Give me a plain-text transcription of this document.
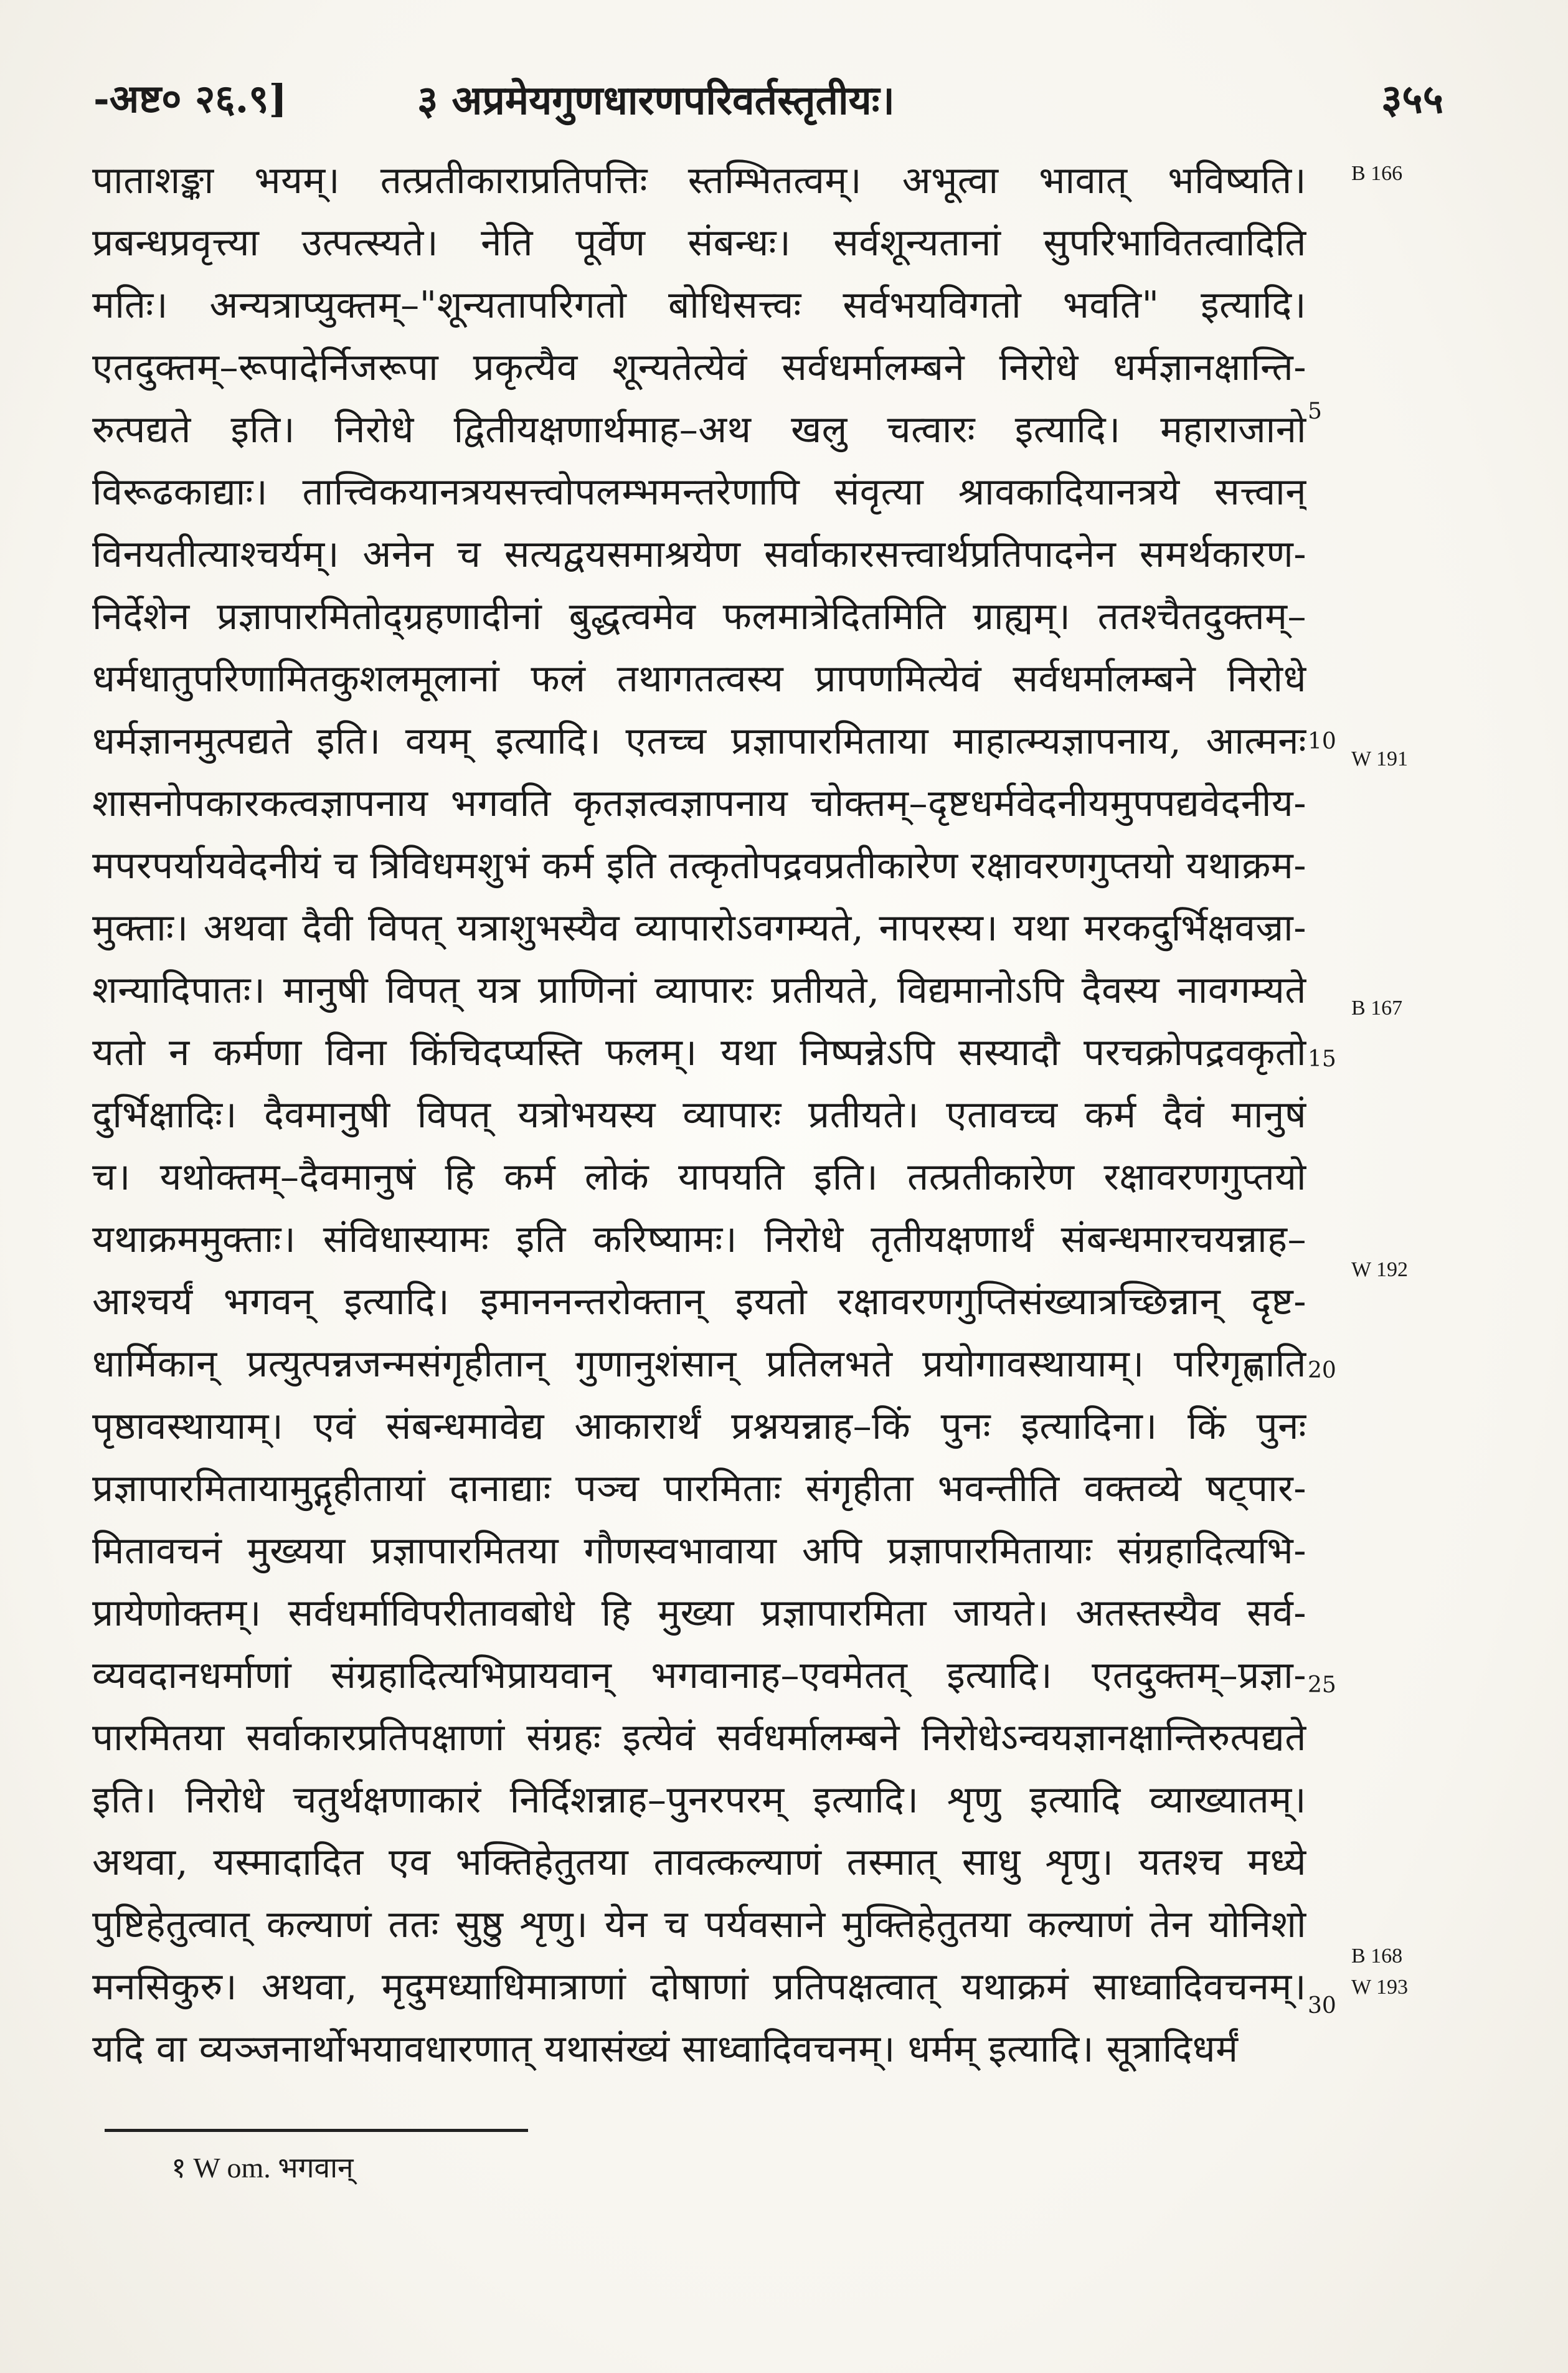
-अष्ट० २६.९]	३ अप्रमेयगुणधारणपरिवर्तस्तृतीयः।	३५५
पाताशङ्का भयम्। तत्प्रतीकाराप्रतिपत्तिः स्तम्भितत्वम्। अभूत्वा भावात् भविष्यति।
प्रबन्धप्रवृत्त्या उत्पत्स्यते। नेति पूर्वेण संबन्धः। सर्वशून्यतानां सुपरिभावितत्वादिति
मतिः। अन्यत्राप्युक्तम्–"शून्यतापरिगतो बोधिसत्त्वः सर्वभयविगतो भवति" इत्यादि।
एतदुक्तम्–रूपादेर्निजरूपा प्रकृत्यैव शून्यतेत्येवं सर्वधर्मालम्बने निरोधे धर्मज्ञानक्षान्ति-
रुत्पद्यते इति। निरोधे द्वितीयक्षणार्थमाह–अथ खलु चत्वारः इत्यादि। महाराजानो
विरूढकाद्याः। तात्त्विकयानत्रयसत्त्वोपलम्भमन्तरेणापि संवृत्या श्रावकादियानत्रये सत्त्वान्
विनयतीत्याश्चर्यम्। अनेन च सत्यद्वयसमाश्रयेण सर्वाकारसत्त्वार्थप्रतिपादनेन समर्थकारण-
निर्देशेन प्रज्ञापारमितोद्ग्रहणादीनां बुद्धत्वमेव फलमात्रेदितमिति ग्राह्यम्। ततश्चैतदुक्तम्–
धर्मधातुपरिणामितकुशलमूलानां फलं तथागतत्वस्य प्रापणमित्येवं सर्वधर्मालम्बने निरोधे
धर्मज्ञानमुत्पद्यते इति। वयम् इत्यादि। एतच्च प्रज्ञापारमिताया माहात्म्यज्ञापनाय, आत्मनः
शासनोपकारकत्वज्ञापनाय भगवति कृतज्ञत्वज्ञापनाय चोक्तम्–दृष्टधर्मवेदनीयमुपपद्यवेदनीय-
मपरपर्यायवेदनीयं च त्रिविधमशुभं कर्म इति तत्कृतोपद्रवप्रतीकारेण रक्षावरणगुप्तयो यथाक्रम-
मुक्ताः। अथवा दैवी विपत् यत्राशुभस्यैव व्यापारोऽवगम्यते, नापरस्य। यथा मरकदुर्भिक्षवज्रा-
शन्यादिपातः। मानुषी विपत् यत्र प्राणिनां व्यापारः प्रतीयते, विद्यमानोऽपि दैवस्य नावगम्यते
यतो न कर्मणा विना किंचिदप्यस्ति फलम्। यथा निष्पन्नेऽपि सस्यादौ परचक्रोपद्रवकृतो
दुर्भिक्षादिः। दैवमानुषी विपत् यत्रोभयस्य व्यापारः प्रतीयते। एतावच्च कर्म दैवं मानुषं
च। यथोक्तम्–दैवमानुषं हि कर्म लोकं यापयति इति। तत्प्रतीकारेण रक्षावरणगुप्तयो
यथाक्रममुक्ताः। संविधास्यामः इति करिष्यामः। निरोधे तृतीयक्षणार्थं संबन्धमारचयन्नाह–
आश्चर्यं भगवन् इत्यादि। इमाननन्तरोक्तान् इयतो रक्षावरणगुप्तिसंख्यात्रच्छिन्नान् दृष्ट-
धार्मिकान् प्रत्युत्पन्नजन्मसंगृहीतान् गुणानुशंसान् प्रतिलभते प्रयोगावस्थायाम्। परिगृह्णाति
पृष्ठावस्थायाम्। एवं संबन्धमावेद्य आकारार्थं प्रश्नयन्नाह–किं पुनः इत्यादिना। किं पुनः
प्रज्ञापारमितायामुद्गृहीतायां दानाद्याः पञ्च पारमिताः संगृहीता भवन्तीति वक्तव्ये षट्पार-
मितावचनं मुख्यया प्रज्ञापारमितया गौणस्वभावाया अपि प्रज्ञापारमितायाः संग्रहादित्यभि-
प्रायेणोक्तम्। सर्वधर्माविपरीतावबोधे हि मुख्या प्रज्ञापारमिता जायते। अतस्तस्यैव सर्व-
व्यवदानधर्माणां संग्रहादित्यभिप्रायवान् भगवानाह–एवमेतत् इत्यादि। एतदुक्तम्–प्रज्ञा-
पारमितया सर्वाकारप्रतिपक्षाणां संग्रहः इत्येवं सर्वधर्मालम्बने निरोधेऽन्वयज्ञानक्षान्तिरुत्पद्यते
इति। निरोधे चतुर्थक्षणाकारं निर्दिशन्नाह–पुनरपरम् इत्यादि। शृणु इत्यादि व्याख्यातम्।
अथवा, यस्मादादित एव भक्तिहेतुतया तावत्कल्याणं तस्मात् साधु शृणु। यतश्च मध्ये
पुष्टिहेतुत्वात् कल्याणं ततः सुष्ठु शृणु। येन च पर्यवसाने मुक्तिहेतुतया कल्याणं तेन योनिशो
मनसिकुरु। अथवा, मृदुमध्याधिमात्राणां दोषाणां प्रतिपक्षत्वात् यथाक्रमं साध्वादिवचनम्।
यदि वा व्यञ्जनार्थोभयावधारणात् यथासंख्यं साध्वादिवचनम्। धर्मम् इत्यादि। सूत्रादिधर्मं
5
10
15
20
25
30
B 166
W 191
B 167
W 192
B 168
W 193
१ W om. भगवान्
